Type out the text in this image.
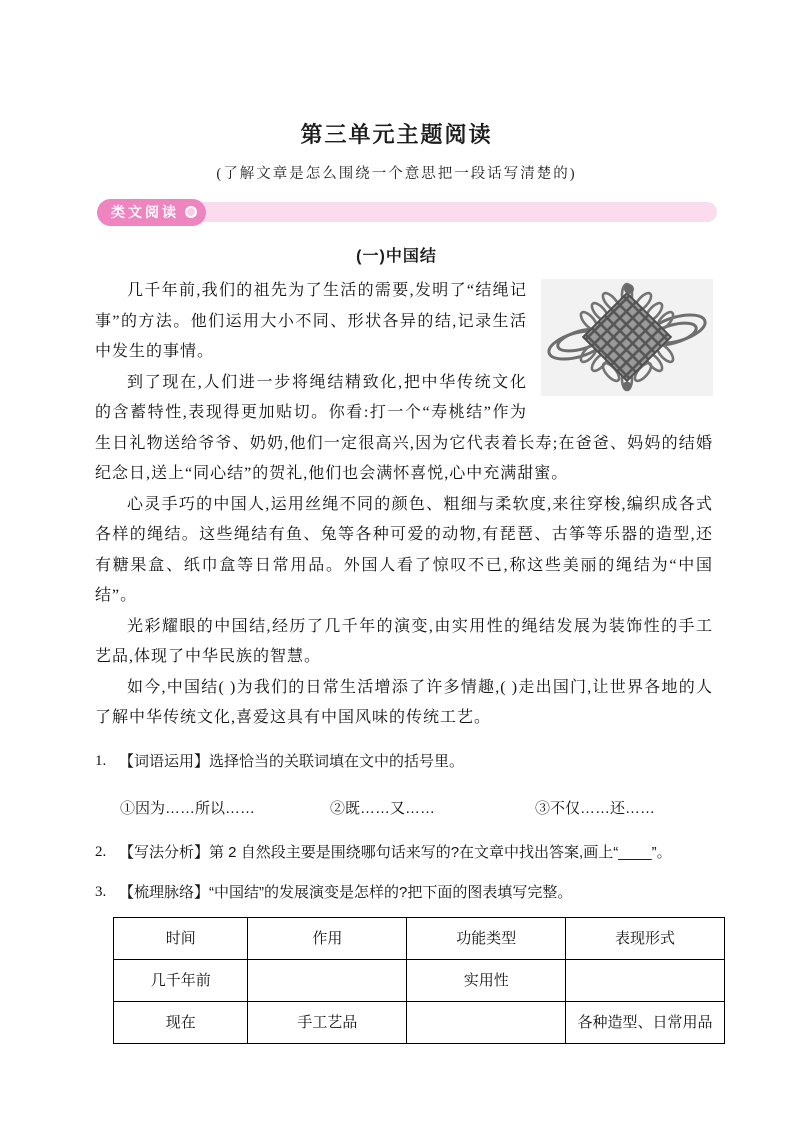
第三单元主题阅读
(了解文章是怎么围绕一个意思把一段话写清楚的)
类文阅读
(一)中国结

几千年前,我们的祖先为了生活的需要,发明了“结绳记事”的方法。他们运用大小不同、形状各异的结,记录生活中发生的事情。

到了现在,人们进一步将绳结精致化,把中华传统文化的含蓄特性,表现得更加贴切。你看:打一个“寿桃结”作为生日礼物送给爷爷、奶奶,他们一定很高兴,因为它代表着长寿;在爸爸、妈妈的结婚纪念日,送上“同心结”的贺礼,他们也会满怀喜悦,心中充满甜蜜。

心灵手巧的中国人,运用丝绳不同的颜色、粗细与柔软度,来往穿梭,编织成各式各样的绳结。这些绳结有鱼、兔等各种可爱的动物,有琵琶、古筝等乐器的造型,还有糖果盒、纸巾盒等日常用品。外国人看了惊叹不已,称这些美丽的绳结为“中国结”。

光彩耀眼的中国结,经历了几千年的演变,由实用性的绳结发展为装饰性的手工艺品,体现了中华民族的智慧。

如今,中国结( )为我们的日常生活增添了许多情趣,( )走出国门,让世界各地的人了解中华传统文化,喜爱这具有中国风味的传统工艺。

1. 【词语运用】选择恰当的关联词填在文中的括号里。
①因为……所以……	②既……又……	③不仅……还……
2. 【写法分析】第 2 自然段主要是围绕哪句话来写的?在文章中找出答案,画上“____”。
3. 【梳理脉络】“中国结”的发展演变是怎样的?把下面的图表填写完整。
时间	作用	功能类型	表现形式
几千年前		实用性	
现在	手工艺品		各种造型、日常用品
